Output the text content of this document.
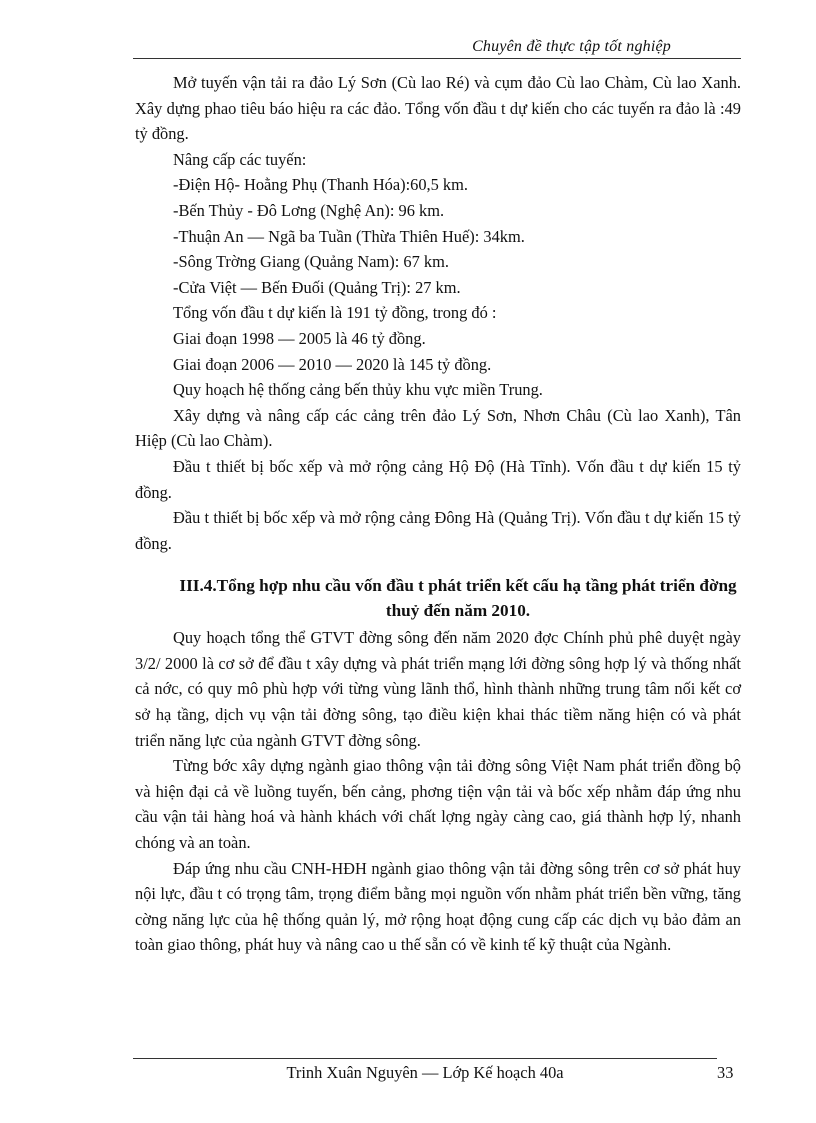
Chuyên đề thực tập tốt nghiệp

Mở tuyến vận tải ra đảo Lý Sơn (Cù lao Ré) và cụm đảo Cù lao Chàm, Cù lao Xanh. Xây dựng phao tiêu báo hiệu ra các đảo. Tổng vốn đầu t dự kiến cho các tuyến ra đảo là :49 tỷ đồng.

Nâng cấp các tuyến:

-Điện Hộ- Hoằng Phụ (Thanh Hóa):60,5 km.

-Bến Thủy - Đô Lơng (Nghệ An): 96 km.

-Thuận An — Ngã ba Tuần (Thừa Thiên Huế): 34km.

-Sông Trờng Giang (Quảng Nam): 67 km.

-Cửa Việt — Bến Đuối (Quảng Trị): 27 km.

Tổng vốn đầu t dự kiến là 191 tỷ đồng, trong đó :

Giai đoạn 1998 — 2005 là 46 tỷ đồng.

Giai đoạn 2006 — 2010 — 2020 là 145 tỷ đồng.

Quy hoạch hệ thống cảng bến thủy khu vực miền Trung.

Xây dựng và nâng cấp các cảng trên đảo Lý Sơn, Nhơn Châu (Cù lao Xanh), Tân Hiệp (Cù lao Chàm).

Đầu t thiết bị bốc xếp và mở rộng cảng Hộ Độ (Hà Tĩnh). Vốn đầu t dự kiến 15 tỷ đồng.

Đầu t thiết bị bốc xếp và mở rộng cảng Đông Hà (Quảng Trị). Vốn đầu t dự kiến 15 tỷ đồng.

III.4.Tổng hợp nhu cầu vốn đầu t phát triển kết cấu hạ tầng phát triển đờng thuỷ đến năm 2010.

Quy hoạch tổng thể GTVT đờng sông đến năm 2020 đợc Chính phủ phê duyệt ngày 3/2/ 2000 là cơ sở để đầu t xây dựng và phát triển mạng lới đờng sông hợp lý và thống nhất cả nớc, có quy mô phù hợp với từng vùng lãnh thổ, hình thành những trung tâm nối kết cơ sở hạ tầng, dịch vụ vận tải đờng sông, tạo điều kiện khai thác tiềm năng hiện có và phát triển năng lực của ngành GTVT đờng sông.

Từng bớc xây dựng ngành giao thông vận tải đờng sông Việt Nam phát triển đồng bộ và hiện đại cả về luồng tuyến, bến cảng, phơng tiện vận tải và bốc xếp nhằm đáp ứng nhu cầu vận tải hàng hoá và hành khách với chất lợng ngày càng cao, giá thành hợp lý, nhanh chóng và an toàn.

Đáp ứng nhu cầu CNH-HĐH ngành giao thông vận tải đờng sông trên cơ sở phát huy nội lực, đầu t có trọng tâm, trọng điểm bằng mọi nguồn vốn nhằm phát triển bền vững, tăng cờng năng lực của hệ thống quản lý, mở rộng hoạt động cung cấp các dịch vụ bảo đảm an toàn giao thông, phát huy và nâng cao u thế sẵn có về kinh tế kỹ thuật của Ngành.

Trinh Xuân Nguyên — Lớp Kế hoạch 40a	33
